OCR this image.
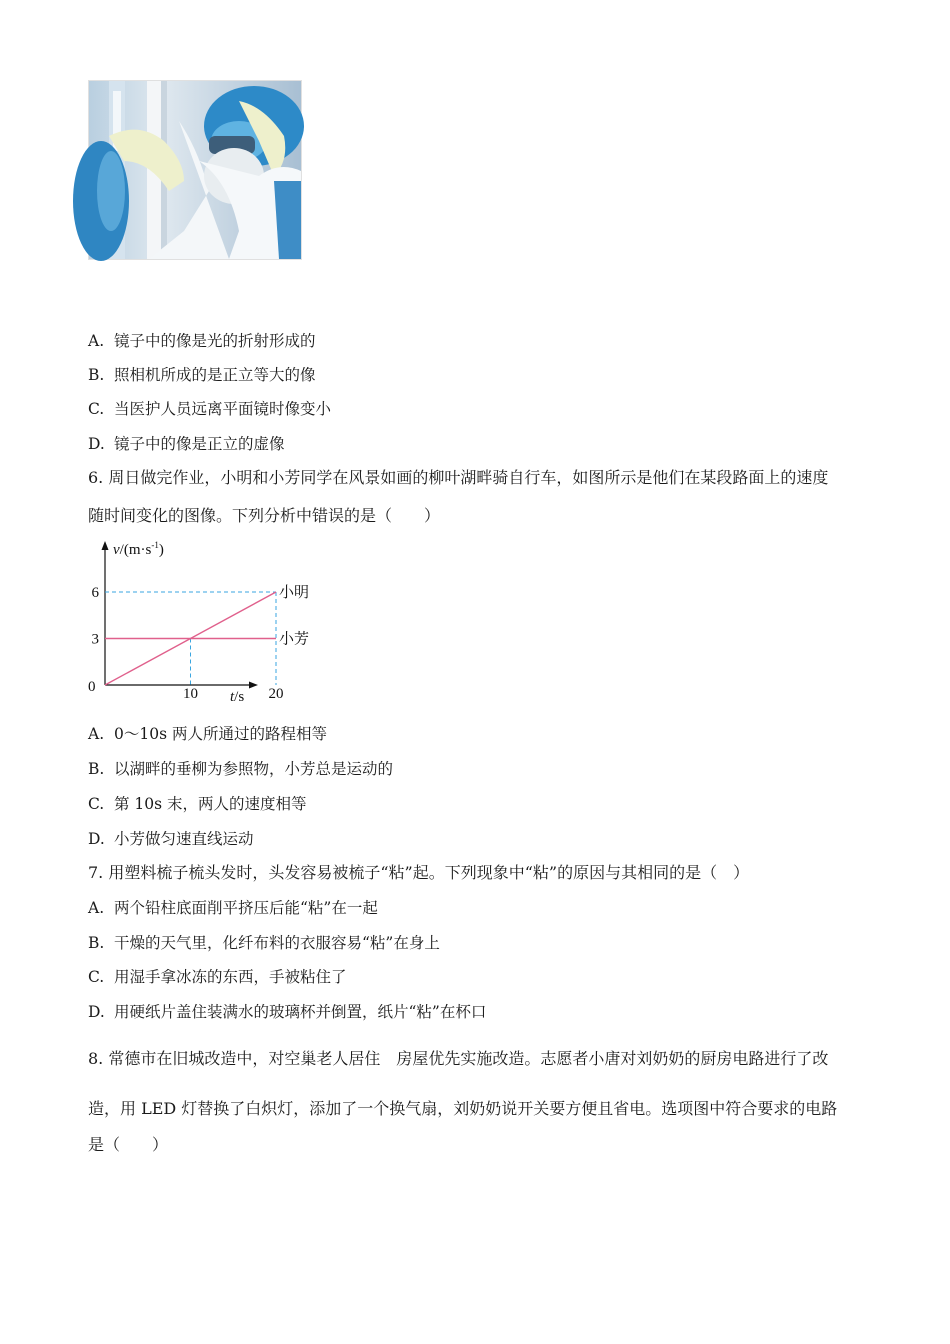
A. 镜子中的像是光的折射形成的
B. 照相机所成的是正立等大的像
C. 当医护人员远离平面镜时像变小
D. 镜子中的像是正立的虚像
6. 周日做完作业，小明和小芳同学在风景如画的柳叶湖畔骑自行车，如图所示是他们在某段路面上的速度
随时间变化的图像。下列分析中错误的是（　　）
$v/(m\cdot s^{-1})$
t/s
0
3
6
10	20
小明
小芳
A. 0～10s 两人所通过的路程相等
B. 以湖畔的垂柳为参照物，小芳总是运动的
C. 第 10s 末，两人的速度相等
D. 小芳做匀速直线运动
7. 用塑料梳子梳头发时，头发容易被梳子“粘”起。下列现象中“粘”的原因与其相同的是（　）
A. 两个铅柱底面削平挤压后能“粘”在一起
B. 干燥的天气里，化纤布料的衣服容易“粘”在身上
C. 用湿手拿冰冻的东西，手被粘住了
D. 用硬纸片盖住装满水的玻璃杯并倒置，纸片“粘”在杯口
8. 常德市在旧城改造中，对空巢老人居住　房屋优先实施改造。志愿者小唐对刘奶奶的厨房电路进行了改
造，用 LED 灯替换了白炽灯，添加了一个换气扇，刘奶奶说开关要方便且省电。选项图中符合要求的电路
是（　　）
